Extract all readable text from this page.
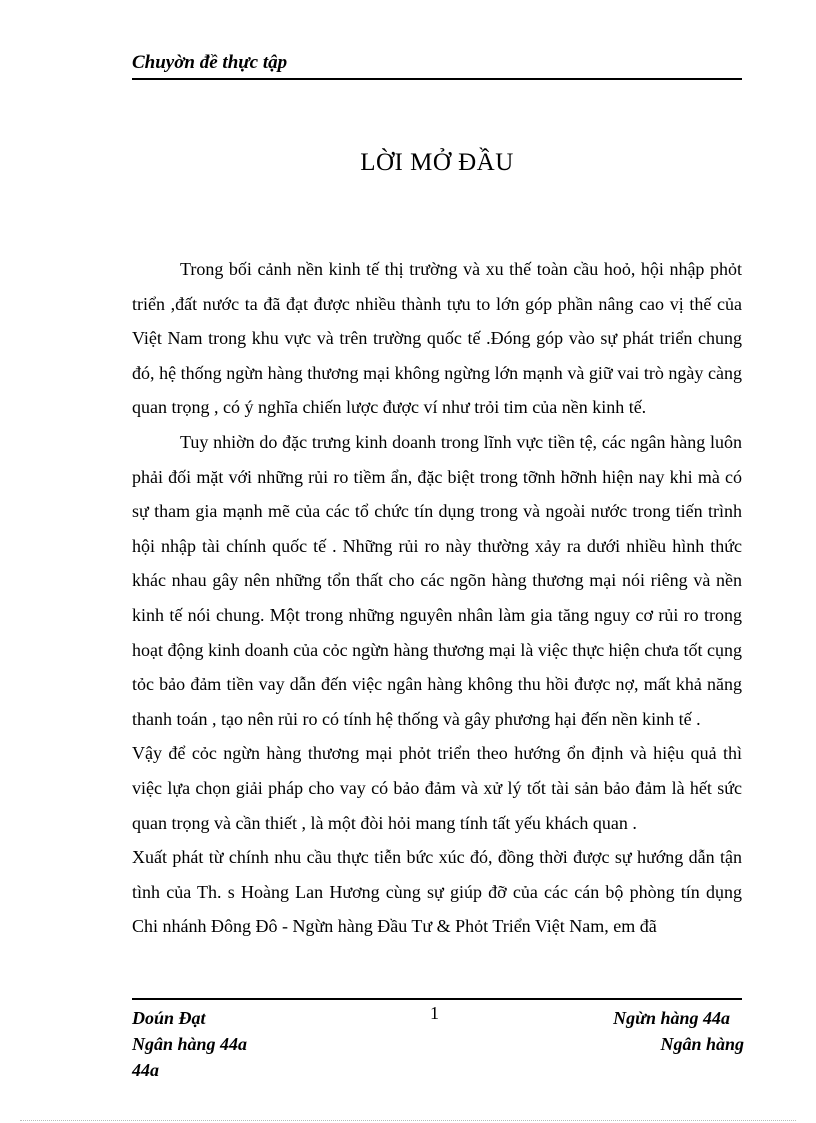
Chuyờn đề thực tập
LỜI MỞ ĐẦU

Trong bối cảnh nền kinh tế thị trường và xu thế toàn cầu hoỏ, hội nhập phỏt triển ,đất nước ta đã đạt được nhiều thành tựu to lớn góp phần nâng cao vị thế của Việt Nam trong khu vực và trên trường quốc tế .Đóng góp vào sự phát triển chung đó, hệ thống ngừn hàng thương mại không ngừng lớn mạnh và giữ vai trò ngày càng quan trọng , có ý nghĩa chiến lược được ví như trỏi tim của nền kinh tế.

Tuy nhiờn do đặc trưng kinh doanh trong lĩnh vực tiền tệ, các ngân hàng luôn phải đối mặt với những rủi ro tiềm ẩn, đặc biệt trong tỡnh hỡnh hiện nay khi mà có sự tham gia mạnh mẽ của các tổ chức tín dụng trong và ngoài nước trong tiến trình hội nhập tài chính quốc tế . Những rủi ro này thường xảy ra dưới nhiều hình thức khác nhau gây nên những tổn thất cho các ngõn hàng thương mại nói riêng và nền kinh tế nói chung. Một trong những nguyên nhân làm gia tăng nguy cơ rủi ro trong hoạt động kinh doanh của cỏc ngừn hàng thương mại là việc thực hiện chưa tốt cụng tỏc bảo đảm tiền vay dẫn đến việc ngân hàng không thu hồi được nợ, mất khả năng thanh toán , tạo nên rủi ro có tính hệ thống và gây phương hại đến nền kinh tế .

Vậy để cỏc ngừn hàng thương mại phỏt triển theo hướng ổn định và hiệu quả thì việc lựa chọn giải pháp cho vay có bảo đảm và xử lý tốt tài sản bảo đảm là hết sức quan trọng và cần thiết , là một đòi hỏi mang tính tất yếu khách quan .

Xuất phát từ chính nhu cầu thực tiễn bức xúc đó, đồng thời được sự hướng dẫn tận tình của Th. s Hoàng Lan Hương cùng sự giúp đỡ của các cán bộ phòng tín dụng Chi nhánh Đông Đô - Ngừn hàng Đầu Tư & Phỏt Triển Việt Nam, em đã

Doún Đạt
Ngân hàng 44a
44a
1	Ngừn hàng 44a
Ngân hàng
